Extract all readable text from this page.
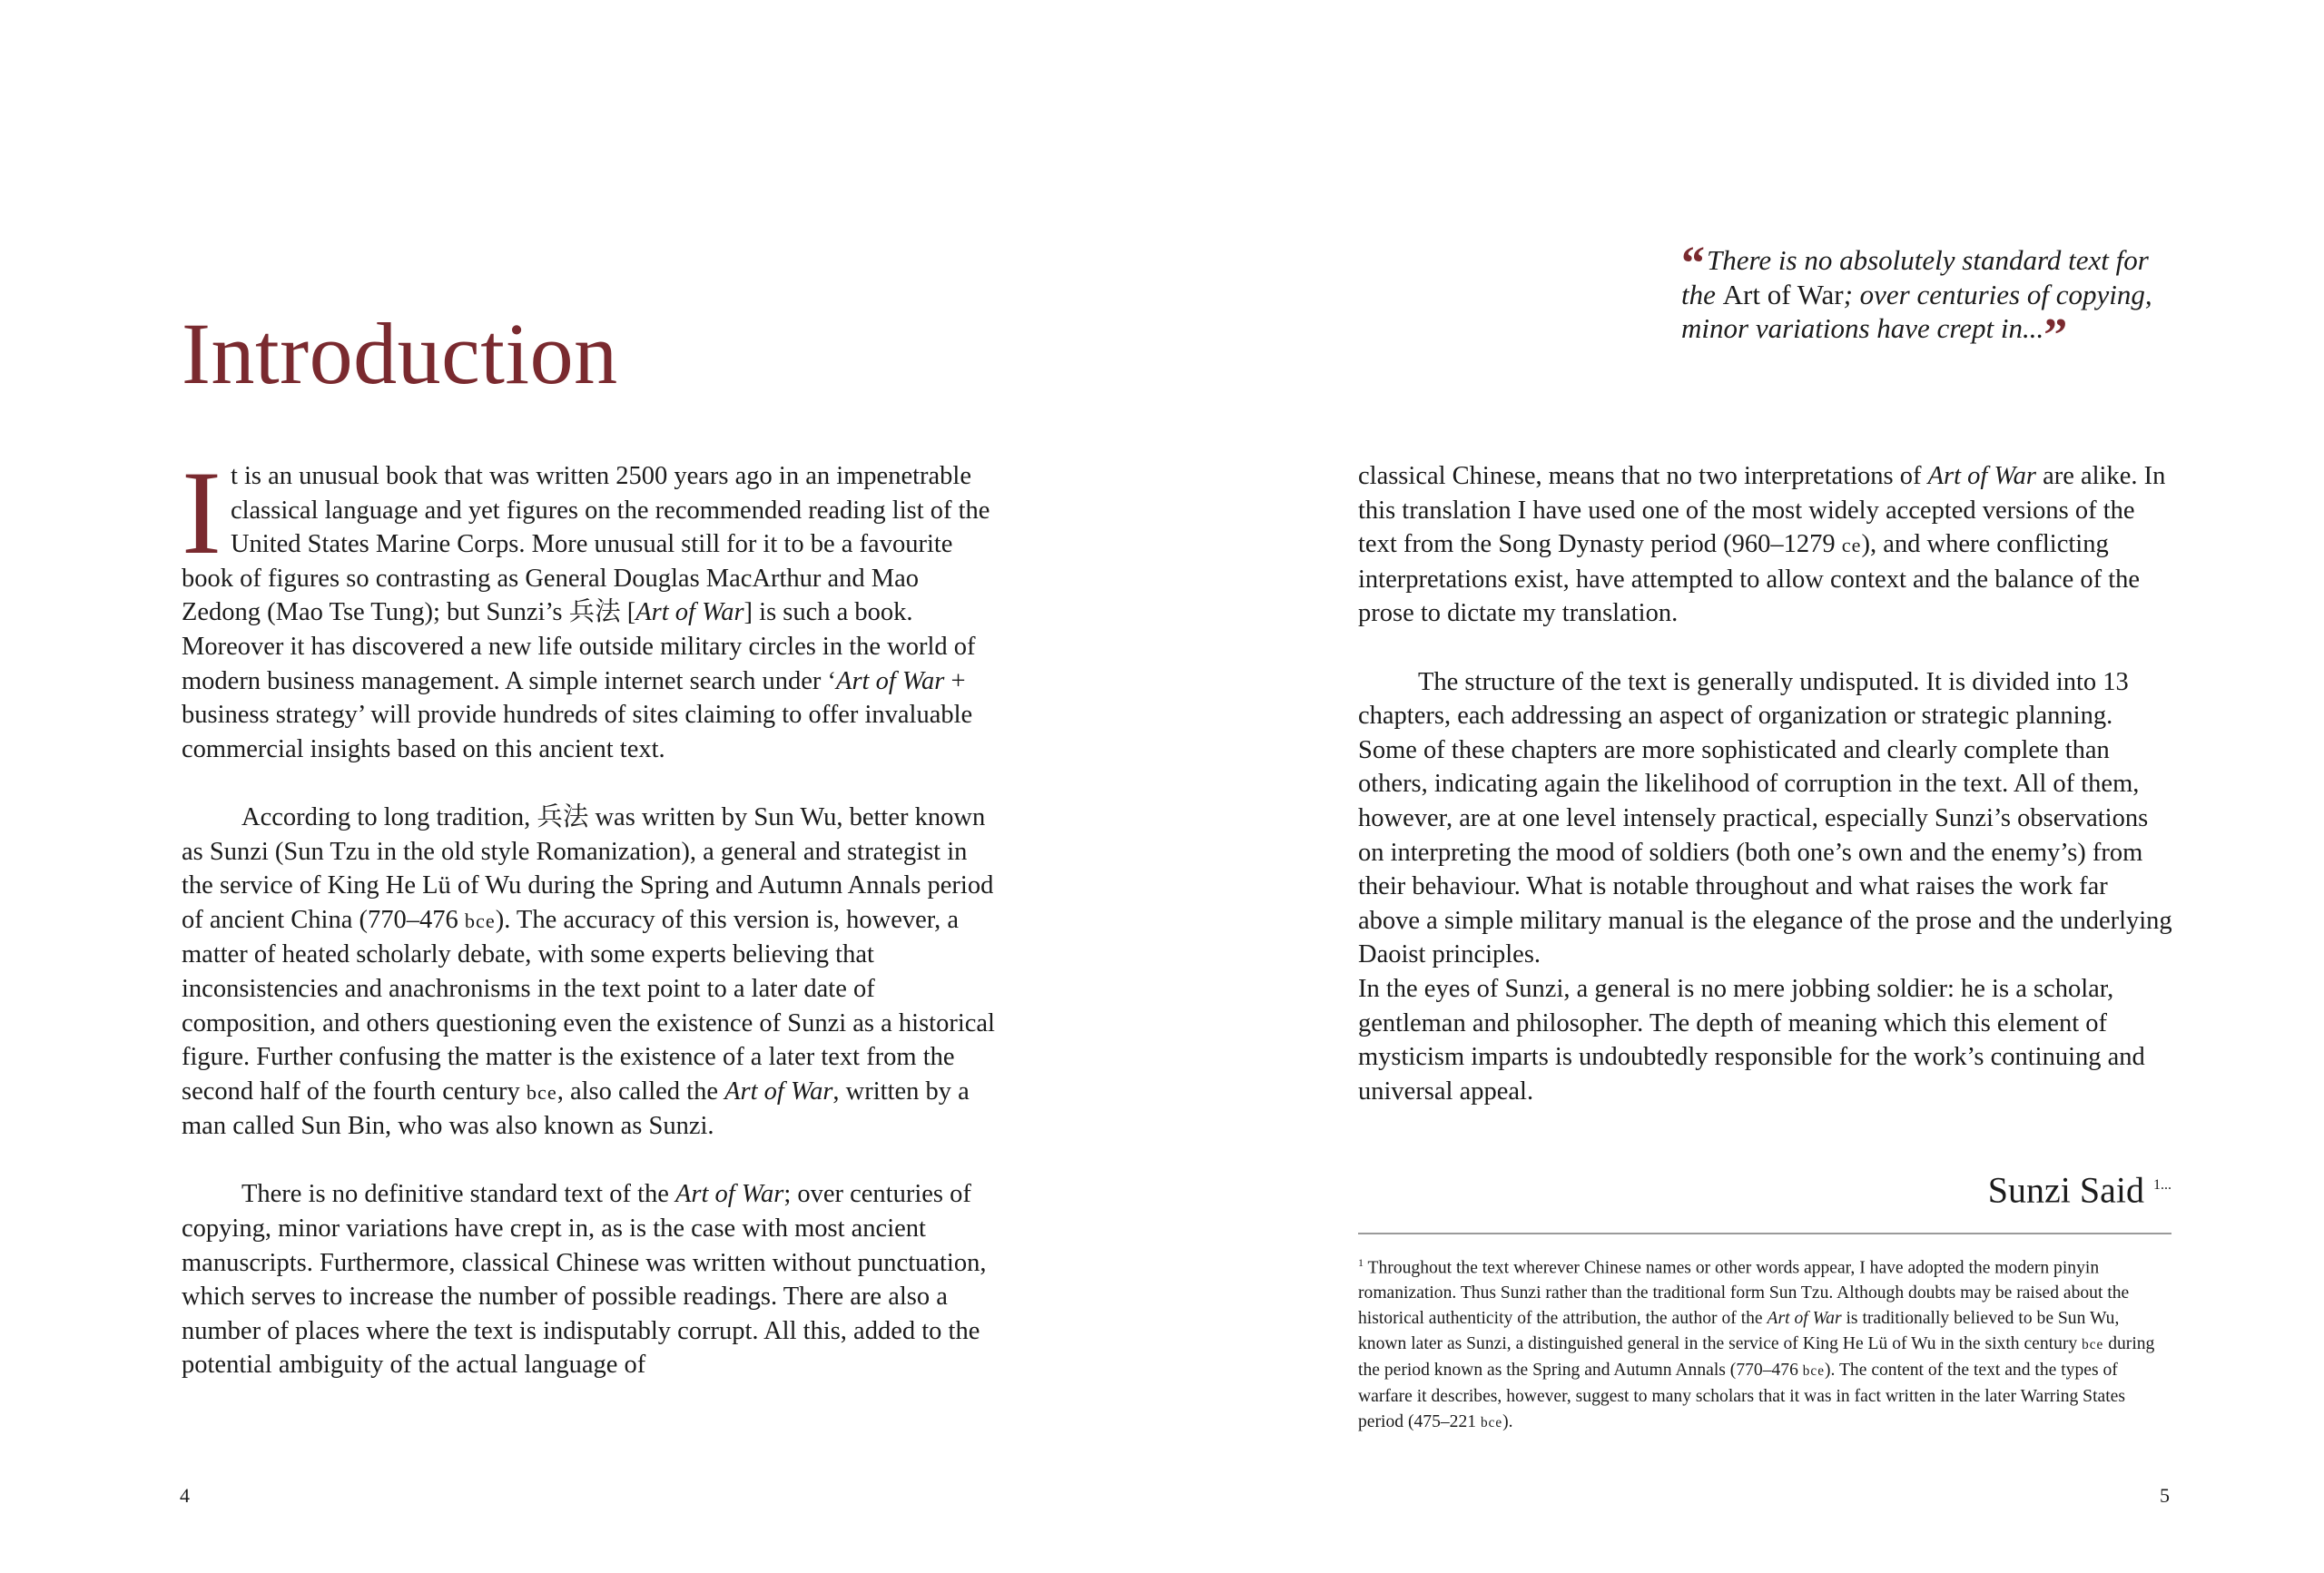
Introduction

It is an unusual book that was written 2500 years ago in an impenetrable classical language and yet figures on the recommended reading list of the United States Marine Corps. More unusual still for it to be a favourite book of figures so contrasting as General Douglas MacArthur and Mao Zedong (Mao Tse Tung); but Sunzi’s 兵法 [Art of War] is such a book. Moreover it has discovered a new life outside military circles in the world of modern business management. A simple internet search under ‘Art of War + business strategy’ will provide hundreds of sites claiming to offer invaluable commercial insights based on this ancient text.

According to long tradition, 兵法 was written by Sun Wu, better known as Sunzi (Sun Tzu in the old style Romanization), a general and strategist in the service of King He Lü of Wu during the Spring and Autumn Annals period of ancient China (770–476 bce). The accuracy of this version is, however, a matter of heated scholarly debate, with some experts believing that inconsistencies and anachronisms in the text point to a later date of composition, and others questioning even the existence of Sunzi as a historical figure. Further confusing the matter is the existence of a later text from the second half of the fourth century bce, also called the Art of War, written by a man called Sun Bin, who was also known as Sunzi.

There is no definitive standard text of the Art of War; over centuries of copying, minor variations have crept in, as is the case with most ancient manuscripts. Furthermore, classical Chinese was written without punctuation, which serves to increase the number of possible readings. There are also a number of places where the text is indisputably corrupt. All this, added to the potential ambiguity of the actual language of

4
“There is no absolutely standard text for the Art of War; over centuries of copying, minor variations have crept in...”

classical Chinese, means that no two interpretations of Art of War are alike. In this translation I have used one of the most widely accepted versions of the text from the Song Dynasty period (960–1279 ce), and where conflicting interpretations exist, have attempted to allow context and the balance of the prose to dictate my translation.

The structure of the text is generally undisputed. It is divided into 13 chapters, each addressing an aspect of organization or strategic planning. Some of these chapters are more sophisticated and clearly complete than others, indicating again the likelihood of corruption in the text. All of them, however, are at one level intensely practical, especially Sunzi’s observations on interpreting the mood of soldiers (both one’s own and the enemy’s) from their behaviour. What is notable throughout and what raises the work far above a simple military manual is the elegance of the prose and the underlying Daoist principles.
In the eyes of Sunzi, a general is no mere jobbing soldier: he is a scholar, gentleman and philosopher. The depth of meaning which this element of mysticism imparts is undoubtedly responsible for the work’s continuing and universal appeal.

Sunzi Said $^{1...}$
$^1$ Throughout the text wherever Chinese names or other words appear, I have adopted the modern pinyin romanization. Thus Sunzi rather than the traditional form Sun Tzu. Although doubts may be raised about the historical authenticity of the attribution, the author of the Art of War is traditionally believed to be Sun Wu, known later as Sunzi, a distinguished general in the service of King He Lü of Wu in the sixth century bce during the period known as the Spring and Autumn Annals (770–476 bce). The content of the text and the types of warfare it describes, however, suggest to many scholars that it was in fact written in the later Warring States period (475–221 bce).
5
